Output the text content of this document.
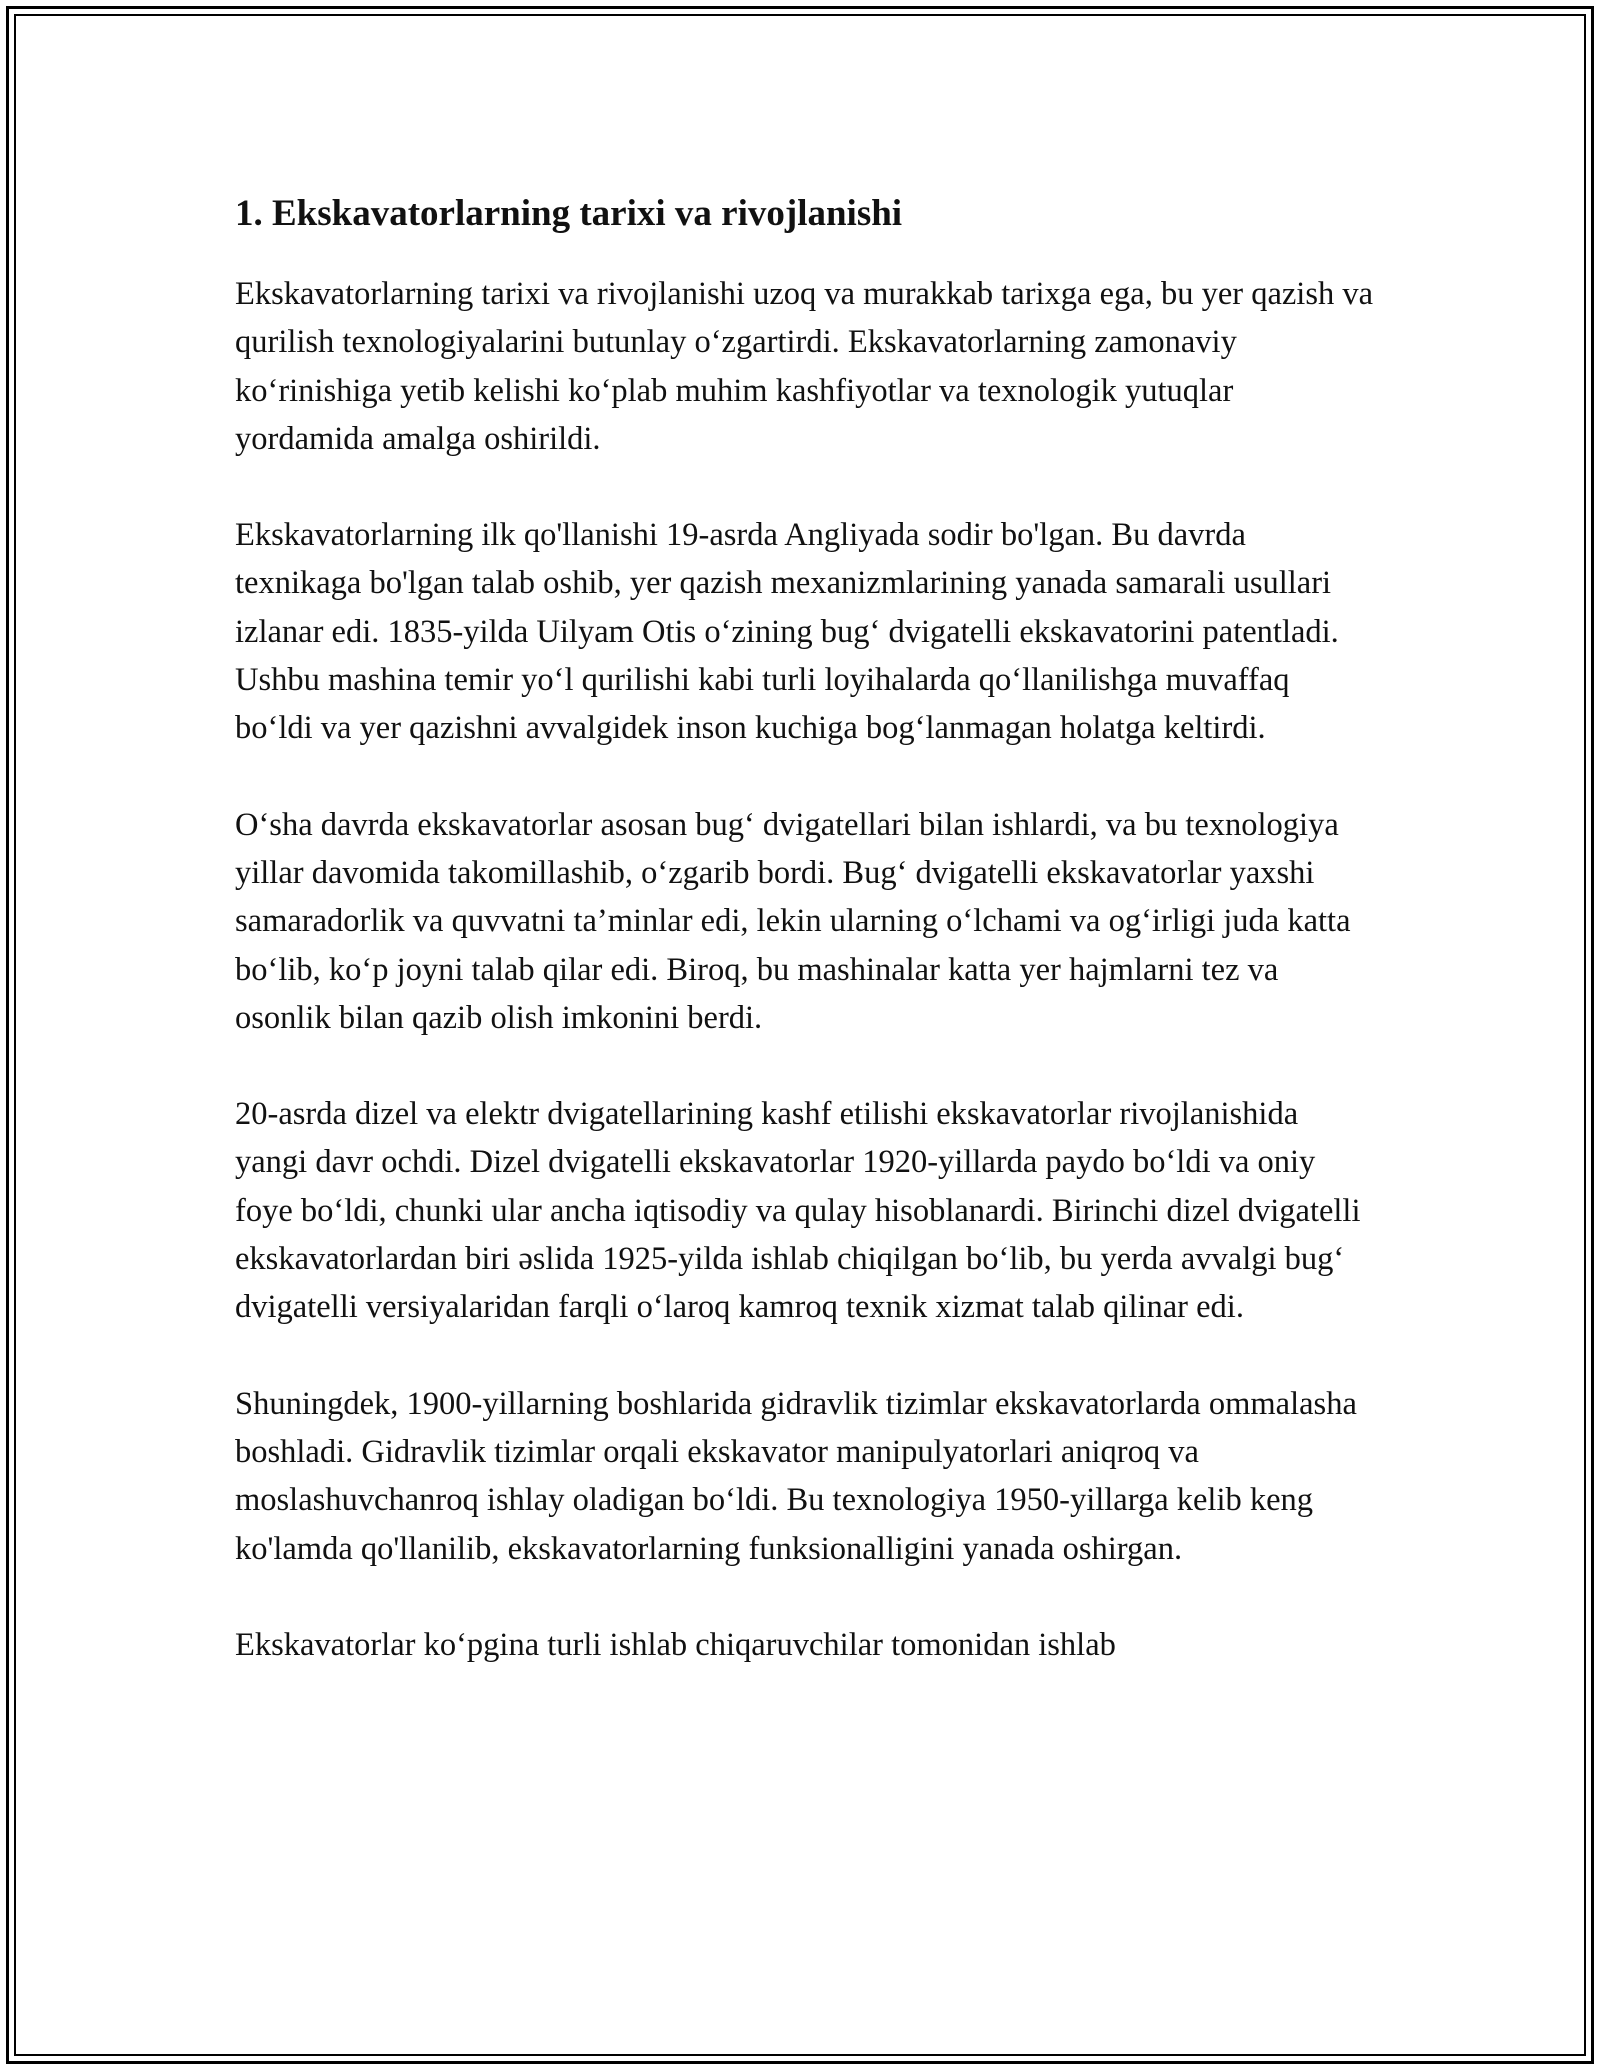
1. Ekskavatorlarning tarixi va rivojlanishi

Ekskavatorlarning tarixi va rivojlanishi uzoq va murakkab tarixga ega, bu yer qazish va qurilish texnologiyalarini butunlay o‘zgartirdi. Ekskavatorlarning zamonaviy ko‘rinishiga yetib kelishi ko‘plab muhim kashfiyotlar va texnologik yutuqlar yordamida amalga oshirildi.

Ekskavatorlarning ilk qo'llanishi 19-asrda Angliyada sodir bo'lgan. Bu davrda texnikaga bo'lgan talab oshib, yer qazish mexanizmlarining yanada samarali usullari izlanar edi. 1835-yilda Uilyam Otis o‘zining bug‘ dvigatelli ekskavatorini patentladi. Ushbu mashina temir yo‘l qurilishi kabi turli loyihalarda qo‘llanilishga muvaffaq bo‘ldi va yer qazishni avvalgidek inson kuchiga bog‘lanmagan holatga keltirdi.

O‘sha davrda ekskavatorlar asosan bug‘ dvigatellari bilan ishlardi, va bu texnologiya yillar davomida takomillashib, o‘zgarib bordi. Bug‘ dvigatelli ekskavatorlar yaxshi samaradorlik va quvvatni ta’minlar edi, lekin ularning o‘lchami va og‘irligi juda katta bo‘lib, ko‘p joyni talab qilar edi. Biroq, bu mashinalar katta yer hajmlarni tez va osonlik bilan qazib olish imkonini berdi.

20-asrda dizel va elektr dvigatellarining kashf etilishi ekskavatorlar rivojlanishida yangi davr ochdi. Dizel dvigatelli ekskavatorlar 1920-yillarda paydo bo‘ldi va oniy foye bo‘ldi, chunki ular ancha iqtisodiy va qulay hisoblanardi. Birinchi dizel dvigatelli ekskavatorlardan biri əslida 1925-yilda ishlab chiqilgan bo‘lib, bu yerda avvalgi bug‘ dvigatelli versiyalaridan farqli o‘laroq kamroq texnik xizmat talab qilinar edi.

Shuningdek, 1900-yillarning boshlarida gidravlik tizimlar ekskavatorlarda ommalasha boshladi. Gidravlik tizimlar orqali ekskavator manipulyatorlari aniqroq va moslashuvchanroq ishlay oladigan bo‘ldi. Bu texnologiya 1950-yillarga kelib keng ko'lamda qo'llanilib, ekskavatorlarning funksionalligini yanada oshirgan.

Ekskavatorlar ko‘pgina turli ishlab chiqaruvchilar tomonidan ishlab
